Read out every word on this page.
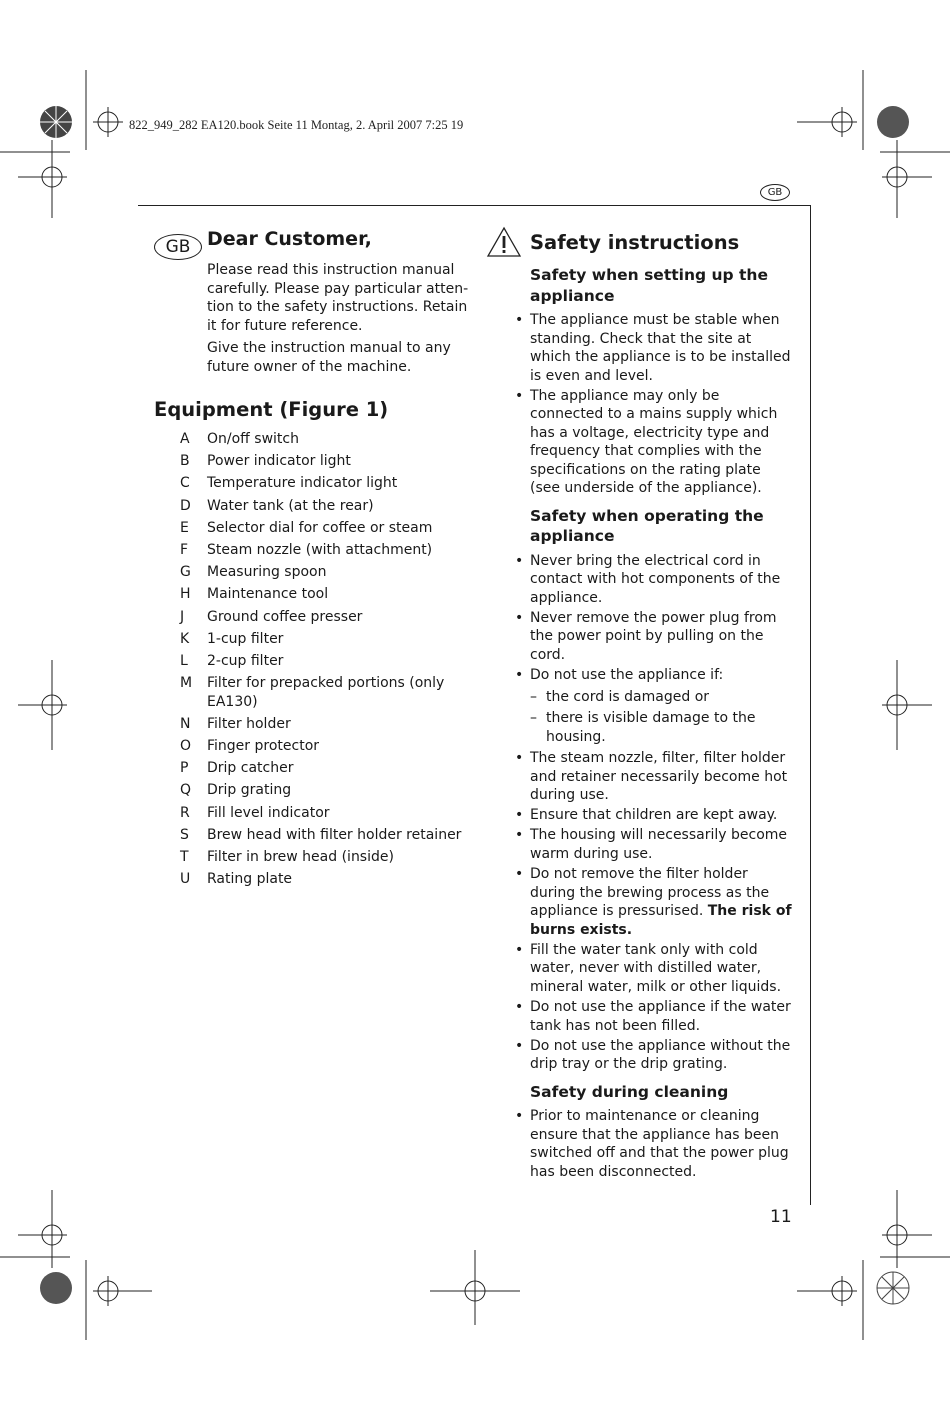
822_949_282 EA120.book Seite 11 Montag, 2. April 2007 7:25 19
GB
GB Dear Customer,
Please read this instruction manual carefully. Please pay particular atten-tion to the safety instructions. Retain it for future reference.
Give the instruction manual to any future owner of the machine.
Equipment (Figure 1)
A	On/off switch
B	Power indicator light
C	Temperature indicator light
D	Water tank (at the rear)
E	Selector dial for coffee or steam
F	Steam nozzle (with attachment)
G	Measuring spoon
H	Maintenance tool
J	Ground coffee presser
K	1-cup filter
L	2-cup filter
M	Filter for prepacked portions (only EA130)
N	Filter holder
O	Finger protector
P	Drip catcher
Q	Drip grating
R	Fill level indicator
S	Brew head with filter holder retainer
T	Filter in brew head (inside)
U	Rating plate
Safety instructions
Safety when setting up the appliance
• The appliance must be stable when standing. Check that the site at which the appliance is to be installed is even and level.
• The appliance may only be connected to a mains supply which has a voltage, electricity type and frequency that complies with the specifications on the rating plate (see underside of the appliance).
Safety when operating the appliance
• Never bring the electrical cord in contact with hot components of the appliance.
• Never remove the power plug from the power point by pulling on the cord.
• Do not use the appliance if:
– the cord is damaged or
– there is visible damage to the housing.
• The steam nozzle, filter, filter holder and retainer necessarily become hot during use.
• Ensure that children are kept away.
• The housing will necessarily become warm during use.
• Do not remove the filter holder during the brewing process as the appliance is pressurised. The risk of burns exists.
• Fill the water tank only with cold water, never with distilled water, mineral water, milk or other liquids.
• Do not use the appliance if the water tank has not been filled.
• Do not use the appliance without the drip tray or the drip grating.
Safety during cleaning
• Prior to maintenance or cleaning ensure that the appliance has been switched off and that the power plug has been disconnected.
11
